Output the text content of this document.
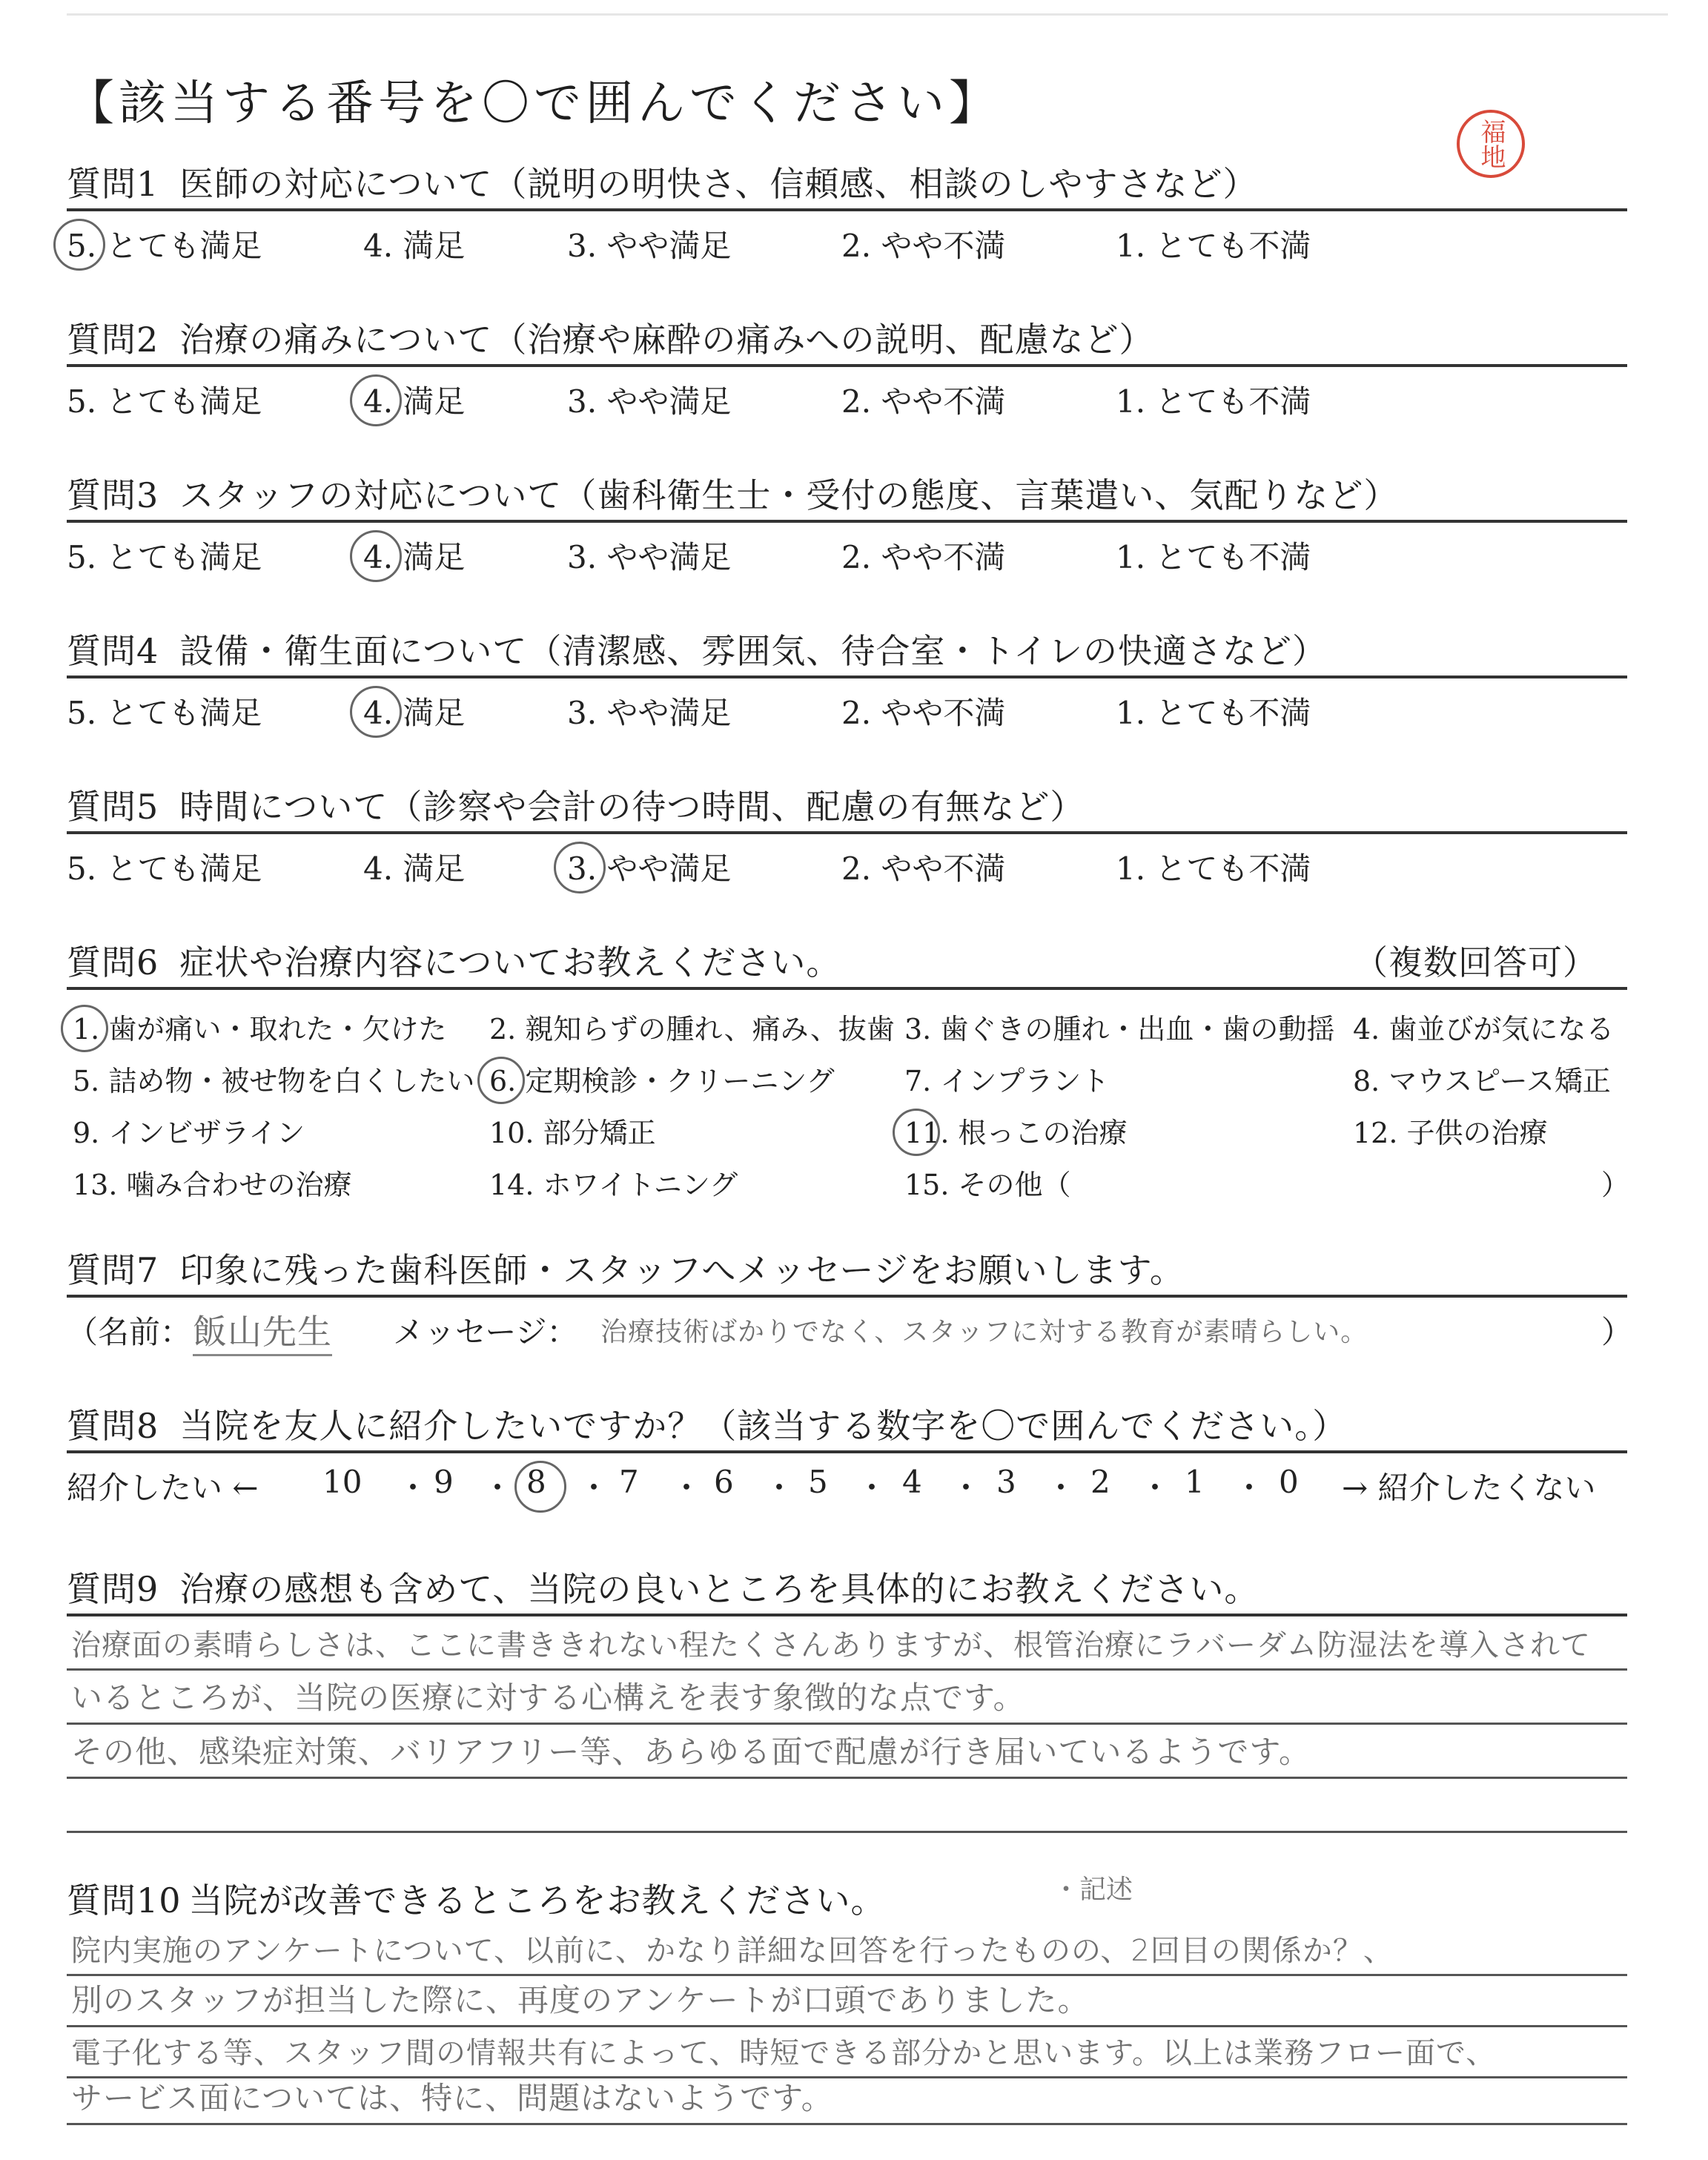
【該当する番号を〇で囲んでください】
福地
質問1 医師の対応について（説明の明快さ、信頼感、相談のしやすさなど）
5. とても満足	4. 満足	3. やや満足	2. やや不満	1. とても不満
質問2 治療の痛みについて（治療や麻酔の痛みへの説明、配慮など）
5. とても満足	4. 満足	3. やや満足	2. やや不満	1. とても不満
質問3 スタッフの対応について（歯科衛生士・受付の態度、言葉遣い、気配りなど）
5. とても満足	4. 満足	3. やや満足	2. やや不満	1. とても不満
質問4 設備・衛生面について（清潔感、雰囲気、待合室・トイレの快適さなど）
5. とても満足	4. 満足	3. やや満足	2. やや不満	1. とても不満
質問5 時間について（診察や会計の待つ時間、配慮の有無など）
5. とても満足	4. 満足	3. やや満足	2. やや不満	1. とても不満
質問6 症状や治療内容についてお教えください。	（複数回答可）
1. 歯が痛い・取れた・欠けた 2. 親知らずの腫れ、痛み、抜歯 3. 歯ぐきの腫れ・出血・歯の動揺 4. 歯並びが気になる
5. 詰め物・被せ物を白くしたい 6. 定期検診・クリーニング 7. インプラント	8. マウスピース矯正
9. インビザライン	10. 部分矯正	11. 根っこの治療	12. 子供の治療
13. 噛み合わせの治療	14. ホワイトニング	15. その他（	）
質問7 印象に残った歯科医師・スタッフへメッセージをお願いします。
（名前： 飯山先生 メッセージ： 治療技術ばかりでなく、スタッフに対する教育が素晴らしい。	）
質問8 当院を友人に紹介したいですか？（該当する数字を〇で囲んでください。）
紹介したい ← 10 ・ 9 ・ 8 ・ 7 ・ 6 ・ 5 ・ 4 ・ 3 ・ 2 ・ 1 ・ 0 → 紹介したくない
質問9 治療の感想も含めて、当院の良いところを具体的にお教えください。
治療面の素晴らしさは、ここに書ききれない程たくさんありますが、根管治療にラバーダム防湿法を導入されて
いるところが、当院の医療に対する心構えを表す象徴的な点です。
その他、感染症対策、バリアフリー等、あらゆる面で配慮が行き届いているようです。
質問10 当院が改善できるところをお教えください。	・記述
院内実施のアンケートについて、以前に、かなり詳細な回答を行ったものの、2回目の関係か？、
別のスタッフが担当した際に、再度のアンケートが口頭でありました。
電子化する等、スタッフ間の情報共有によって、時短できる部分かと思います。以上は業務フロー面で、
サービス面については、特に、問題はないようです。
